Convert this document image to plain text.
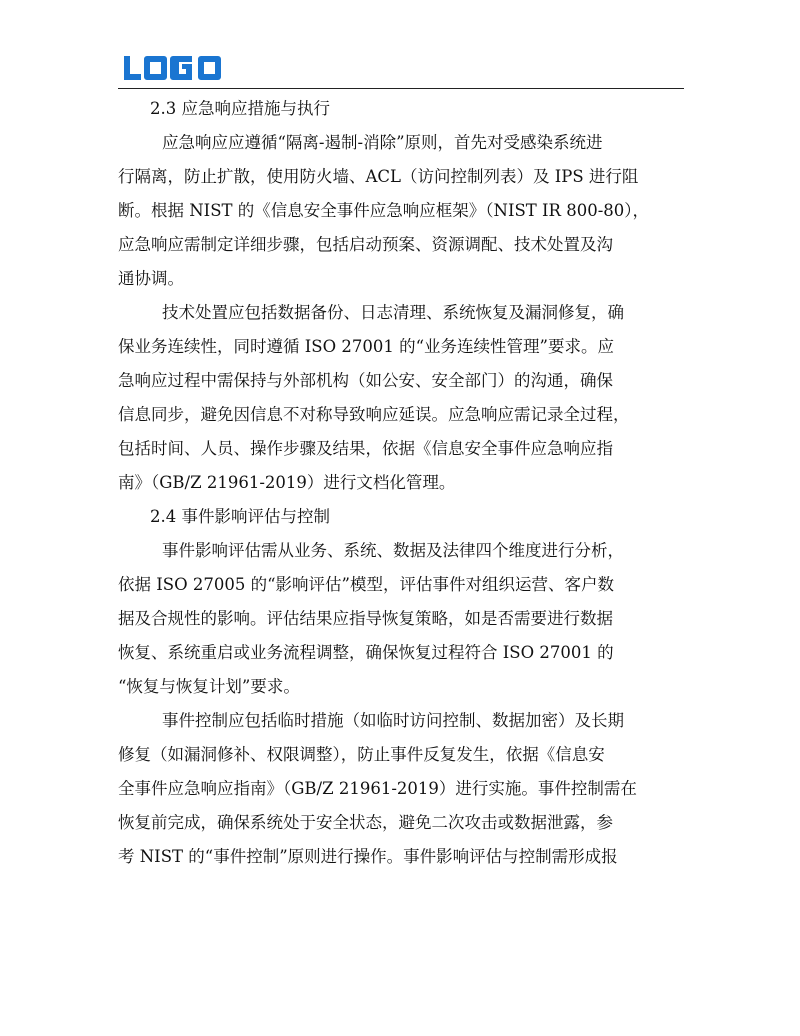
2.3 应急响应措施与执行
应急响应应遵循“隔离-遏制-消除”原则，首先对受感染系统进
行隔离，防止扩散，使用防火墙、ACL（访问控制列表）及 IPS 进行阻
断。根据 NIST 的《信息安全事件应急响应框架》（NIST IR 800-80），
应急响应需制定详细步骤，包括启动预案、资源调配、技术处置及沟
通协调。
技术处置应包括数据备份、日志清理、系统恢复及漏洞修复，确
保业务连续性，同时遵循 ISO 27001 的“业务连续性管理”要求。应
急响应过程中需保持与外部机构（如公安、安全部门）的沟通，确保
信息同步，避免因信息不对称导致响应延误。应急响应需记录全过程，
包括时间、人员、操作步骤及结果，依据《信息安全事件应急响应指
南》（GB/Z 21961-2019）进行文档化管理。
2.4 事件影响评估与控制
事件影响评估需从业务、系统、数据及法律四个维度进行分析，
依据 ISO 27005 的“影响评估”模型，评估事件对组织运营、客户数
据及合规性的影响。评估结果应指导恢复策略，如是否需要进行数据
恢复、系统重启或业务流程调整，确保恢复过程符合 ISO 27001 的
“恢复与恢复计划”要求。
事件控制应包括临时措施（如临时访问控制、数据加密）及长期
修复（如漏洞修补、权限调整），防止事件反复发生，依据《信息安
全事件应急响应指南》（GB/Z 21961-2019）进行实施。事件控制需在
恢复前完成，确保系统处于安全状态，避免二次攻击或数据泄露，参
考 NIST 的“事件控制”原则进行操作。事件影响评估与控制需形成报
